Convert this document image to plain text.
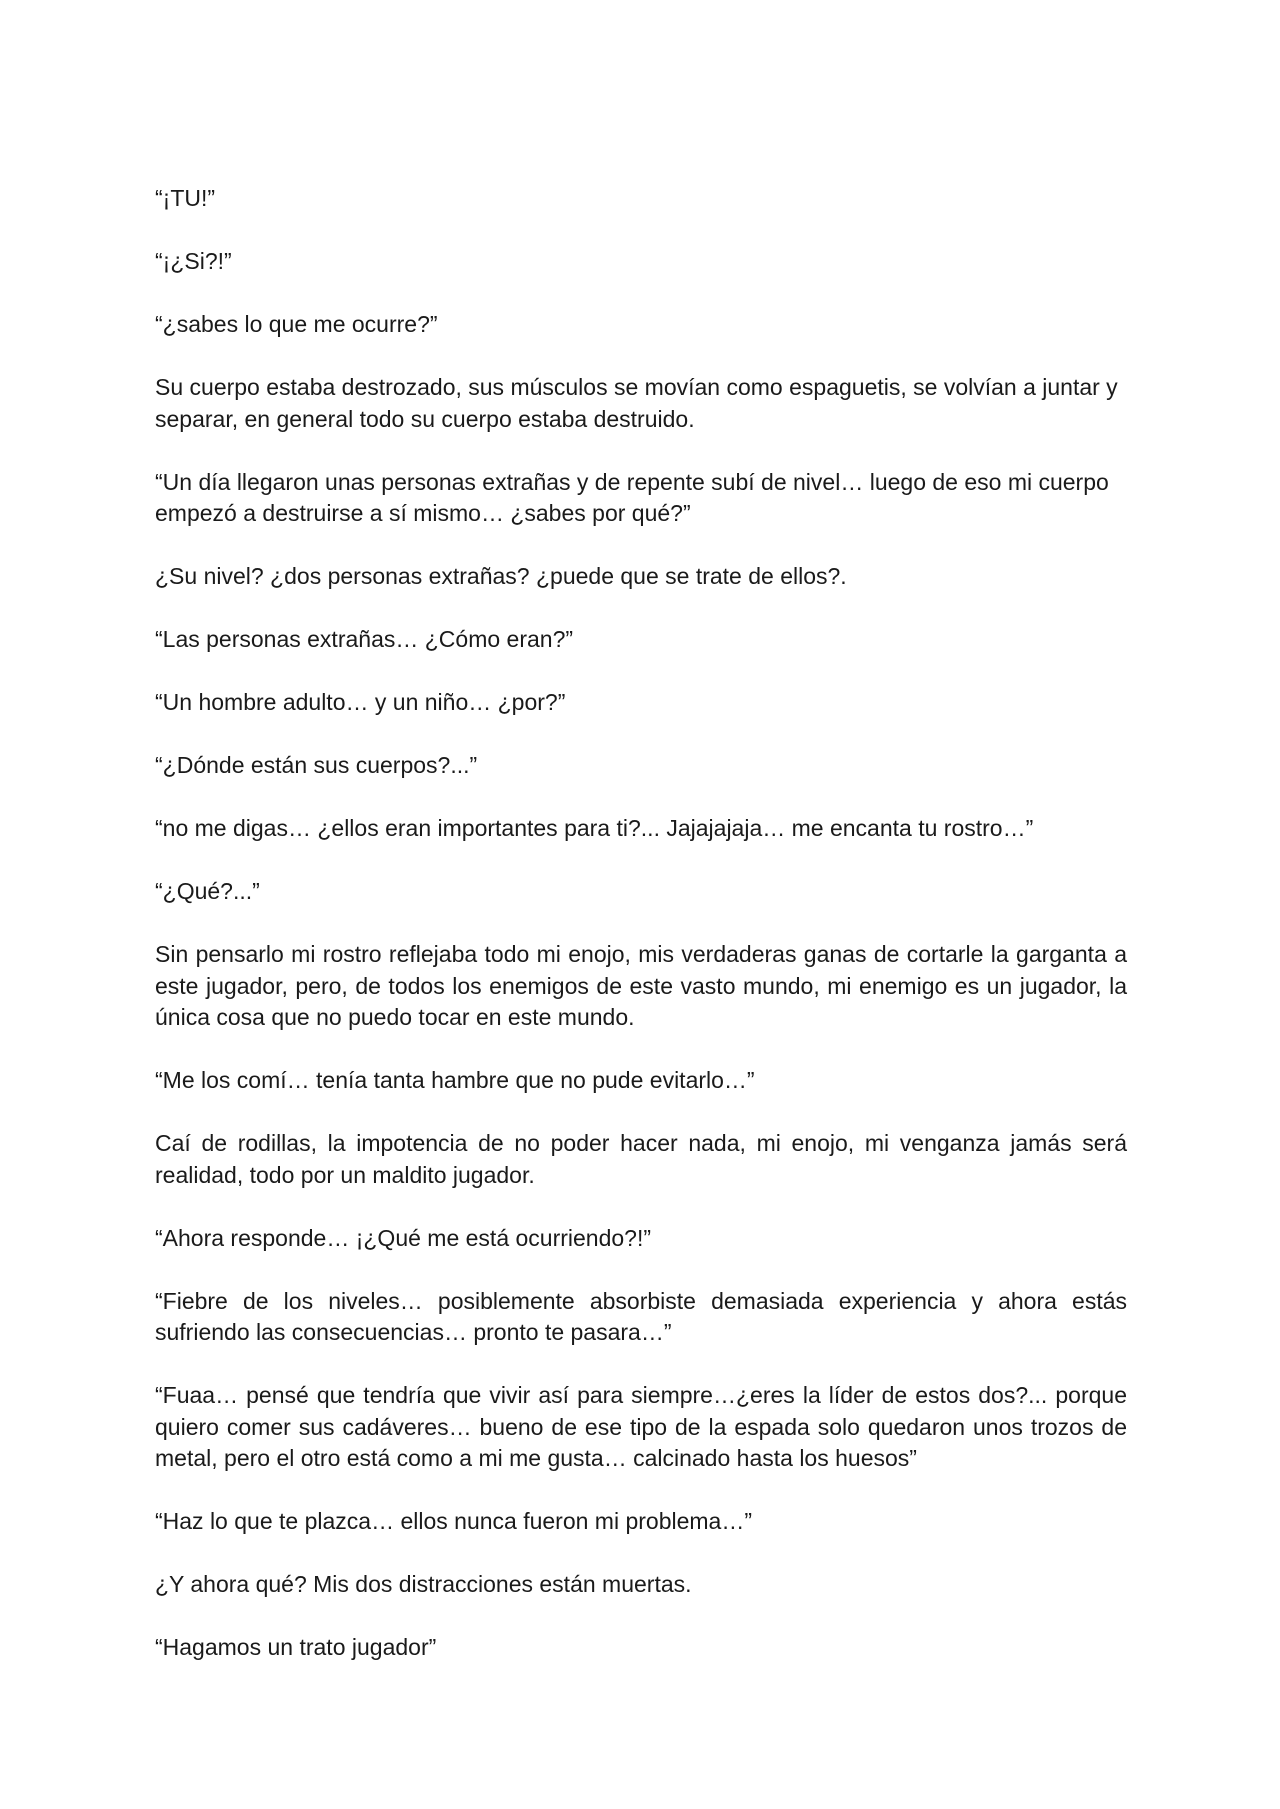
“¡TU!”

“¡¿Si?!”

“¿sabes lo que me ocurre?”

Su cuerpo estaba destrozado, sus músculos se movían como espaguetis, se volvían a juntar y separar, en general todo su cuerpo estaba destruido.

“Un día llegaron unas personas extrañas y de repente subí de nivel… luego de eso mi cuerpo empezó a destruirse a sí mismo… ¿sabes por qué?”

¿Su nivel? ¿dos personas extrañas? ¿puede que se trate de ellos?.

“Las personas extrañas… ¿Cómo eran?”

“Un hombre adulto… y un niño… ¿por?”

“¿Dónde están sus cuerpos?...”

“no me digas… ¿ellos eran importantes para ti?... Jajajajaja… me encanta tu rostro…”

“¿Qué?...”

Sin pensarlo mi rostro reflejaba todo mi enojo, mis verdaderas ganas de cortarle la garganta a este jugador, pero, de todos los enemigos de este vasto mundo, mi enemigo es un jugador, la única cosa que no puedo tocar en este mundo.

“Me los comí… tenía tanta hambre que no pude evitarlo…”

Caí de rodillas, la impotencia de no poder hacer nada, mi enojo, mi venganza jamás será realidad, todo por un maldito jugador.

“Ahora responde… ¡¿Qué me está ocurriendo?!”

“Fiebre de los niveles… posiblemente absorbiste demasiada experiencia y ahora estás sufriendo las consecuencias… pronto te pasara…”

“Fuaa… pensé que tendría que vivir así para siempre…¿eres la líder de estos dos?... porque quiero comer sus cadáveres… bueno de ese tipo de la espada solo quedaron unos trozos de metal, pero el otro está como a mi me gusta… calcinado hasta los huesos”

“Haz lo que te plazca… ellos nunca fueron mi problema…”

¿Y ahora qué? Mis dos distracciones están muertas.

“Hagamos un trato jugador”
